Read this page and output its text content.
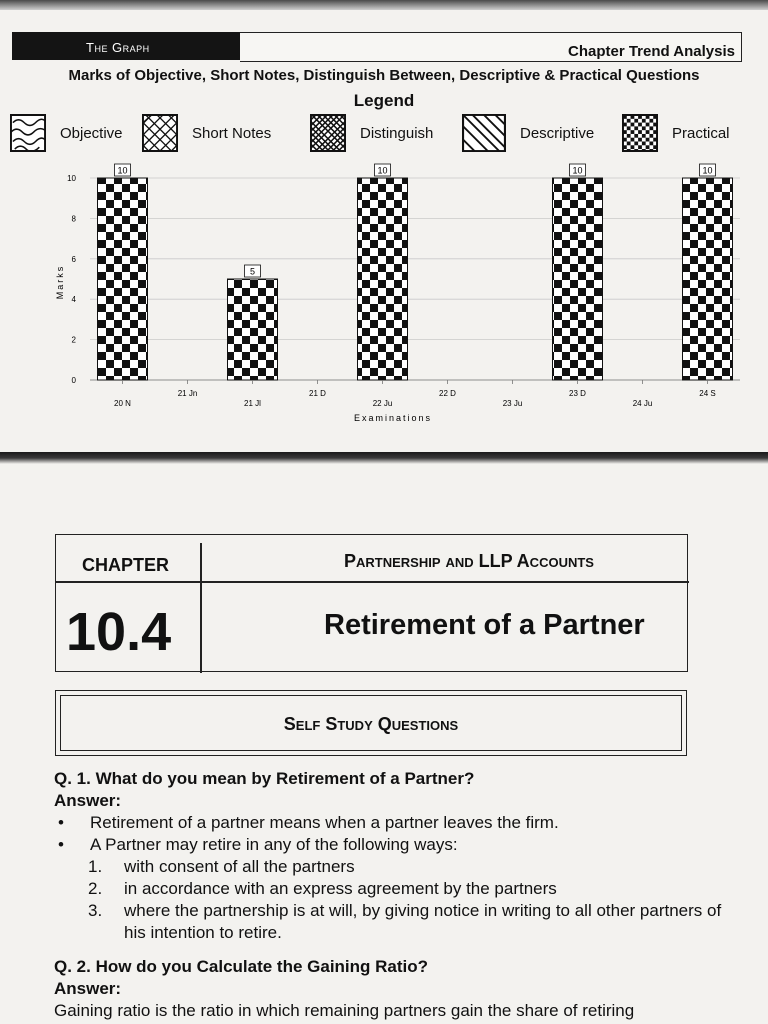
The Graph	Chapter Trend Analysis
Marks of Objective, Short Notes, Distinguish Between, Descriptive & Practical Questions
Legend
Objective	Short Notes	Distinguish	Descriptive	Practical
0
2
4
6
8
10
10
5
10	10	10
20 N
21 Jn
21 Jl
21 D
22 Ju
22 D
23 Ju
23 D
24 Ju
24 S
Marks
Examinations
CHAPTER	Partnership and LLP Accounts
10.4	Retirement of a Partner
Self Study Questions
Q. 1. What do you mean by Retirement of a Partner?
Answer:
• Retirement of a partner means when a partner leaves the firm.
• A Partner may retire in any of the following ways:
1. with consent of all the partners
2. in accordance with an express agreement by the partners
3. where the partnership is at will, by giving notice in writing to all other partners of his intention to retire.
Q. 2. How do you Calculate the Gaining Ratio?
Answer:
Gaining ratio is the ratio in which remaining partners gain the share of retiring
